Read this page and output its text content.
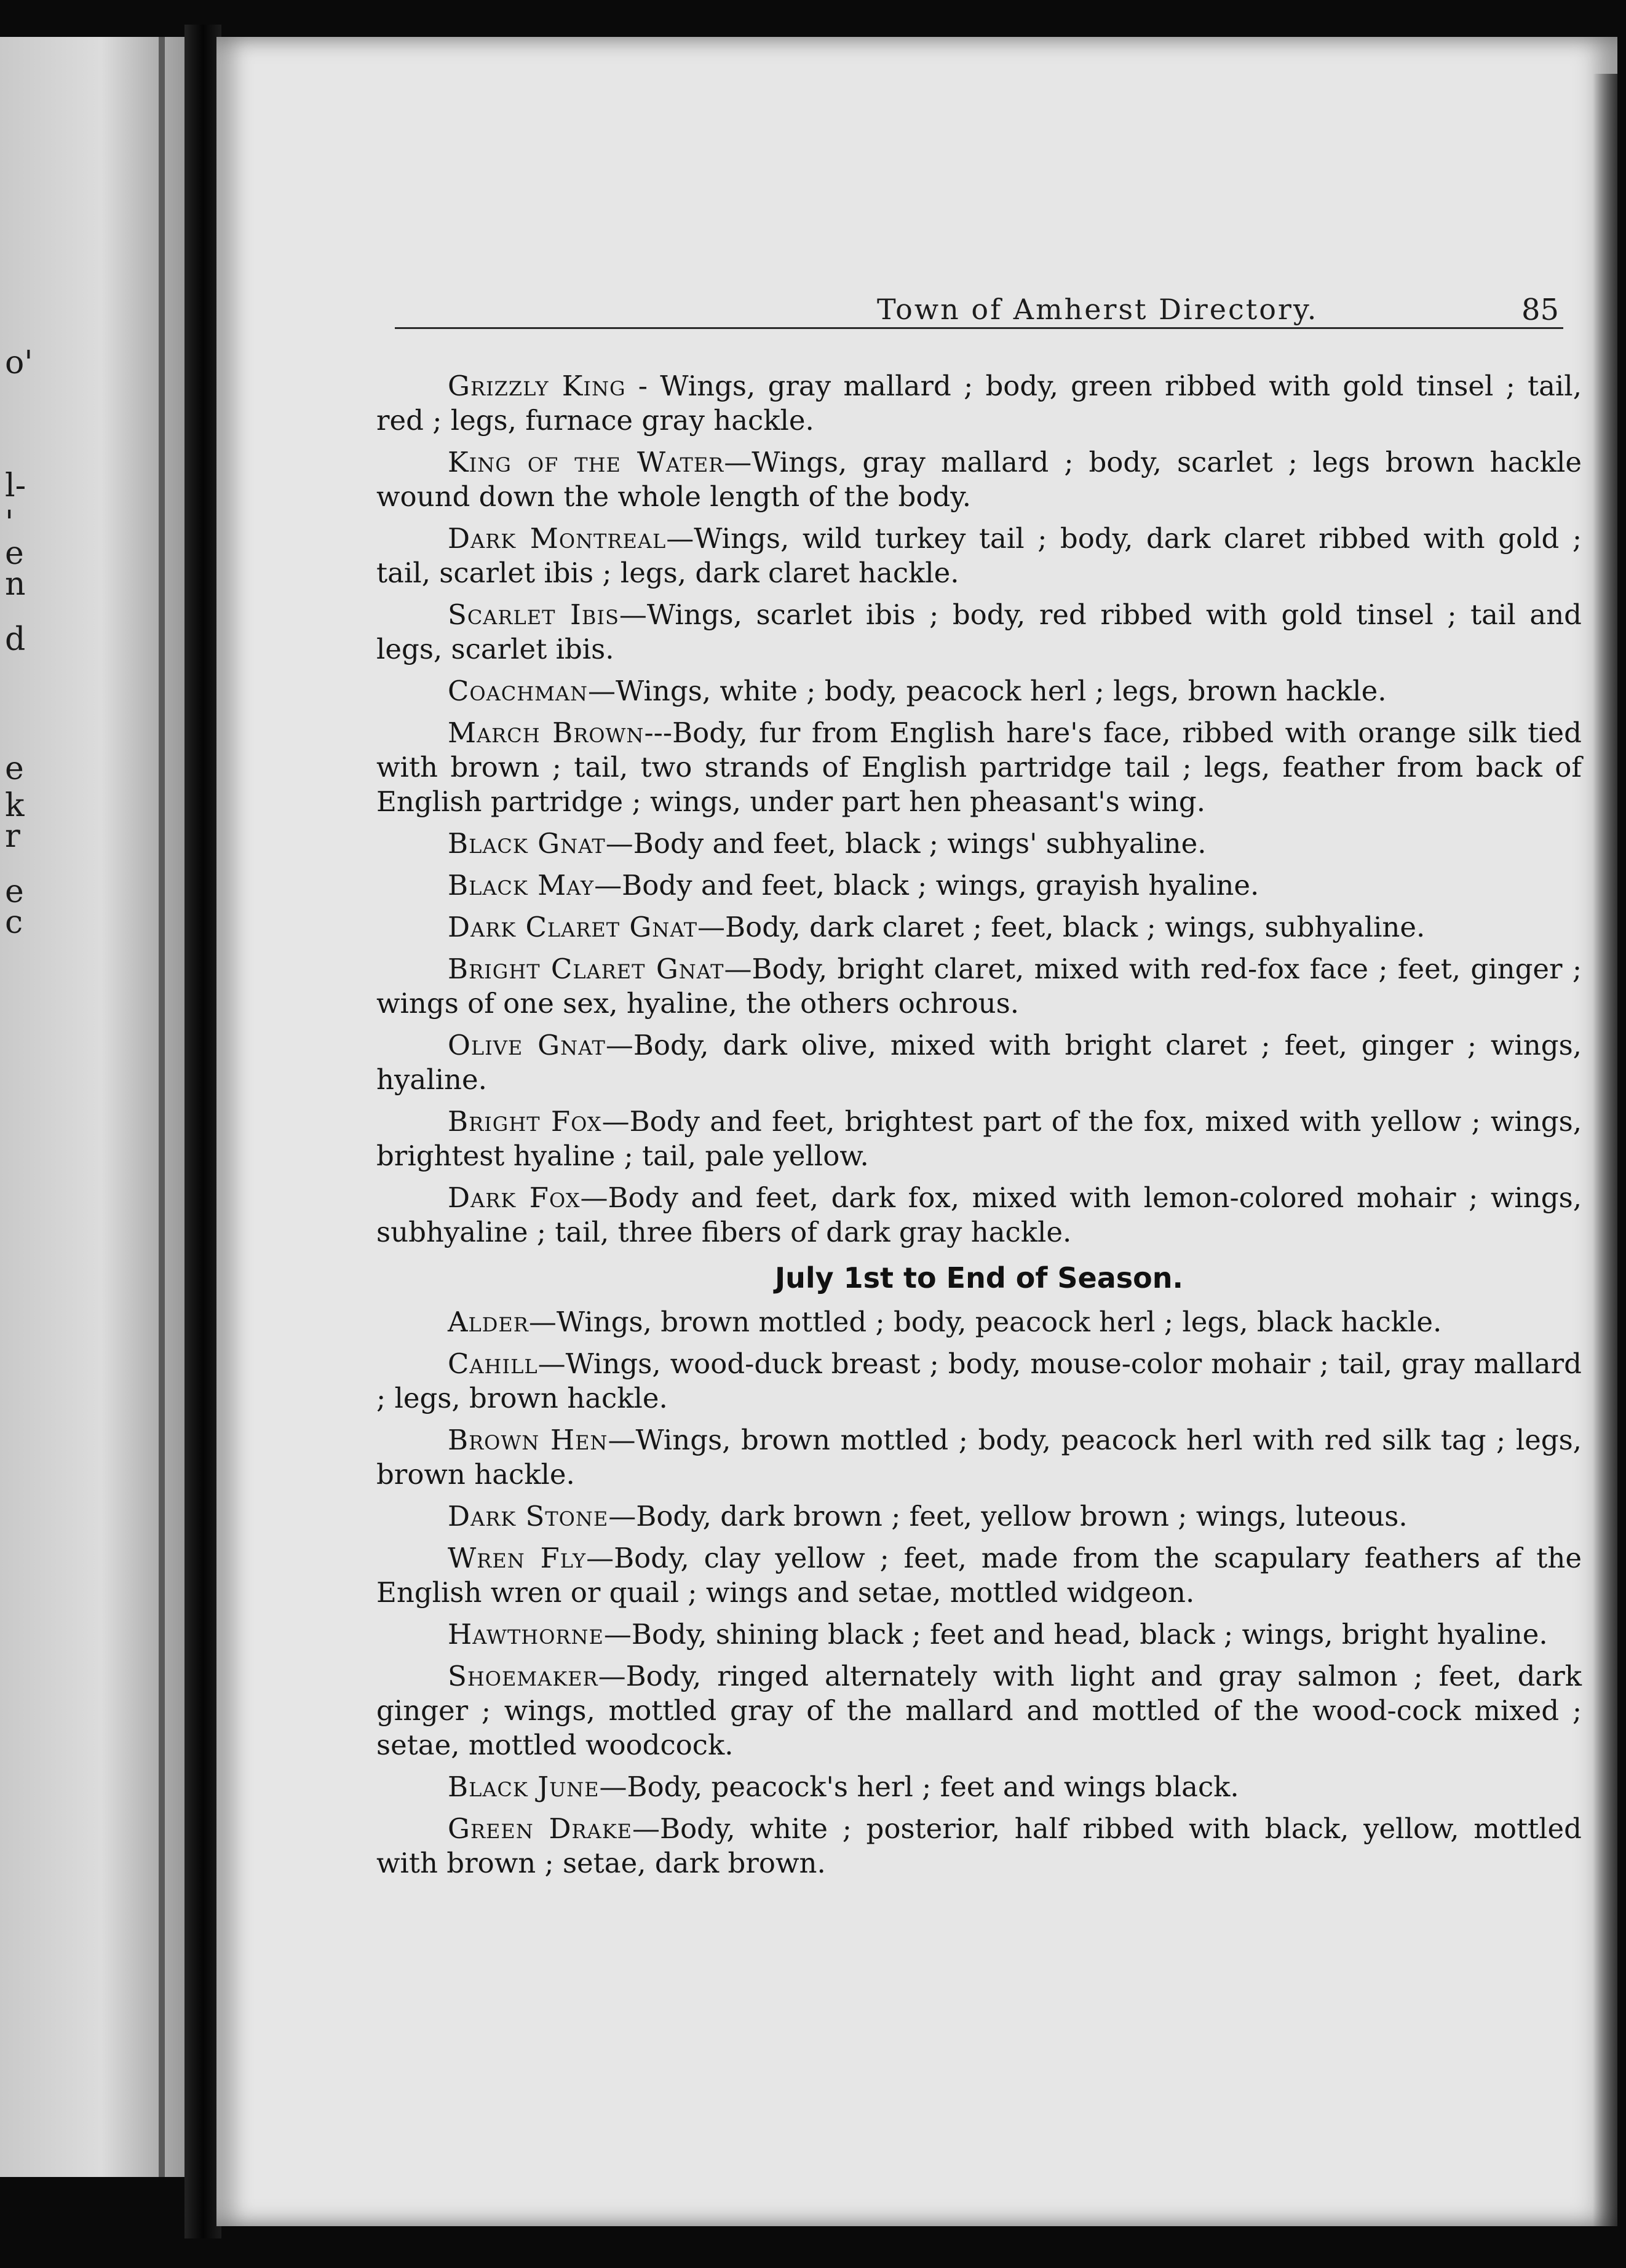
o'
l-
'
e
n
d
e
k
r
e
c
Town of Amherst Directory.	85

Grizzly King - Wings, gray mallard ; body, green ribbed with gold tinsel ; tail, red ; legs, furnace gray hackle.

King of the Water—Wings, gray mallard ; body, scarlet ; legs brown hackle wound down the whole length of the body.

Dark Montreal—Wings, wild turkey tail ; body, dark claret ribbed with gold ; tail, scarlet ibis ; legs, dark claret hackle.

Scarlet Ibis—Wings, scarlet ibis ; body, red ribbed with gold tinsel ; tail and legs, scarlet ibis.

Coachman—Wings, white ; body, peacock herl ; legs, brown hackle.

March Brown---Body, fur from English hare's face, ribbed with orange silk tied with brown ; tail, two strands of English partridge tail ; legs, feather from back of English partridge ; wings, under part hen pheasant's wing.

Black Gnat—Body and feet, black ; wings' subhyaline.

Black May—Body and feet, black ; wings, grayish hyaline.

Dark Claret Gnat—Body, dark claret ; feet, black ; wings, subhyaline.

Bright Claret Gnat—Body, bright claret, mixed with red-fox face ; feet, ginger ; wings of one sex, hyaline, the others ochrous.

Olive Gnat—Body, dark olive, mixed with bright claret ; feet, ginger ; wings, hyaline.

Bright Fox—Body and feet, brightest part of the fox, mixed with yellow ; wings, brightest hyaline ; tail, pale yellow.

Dark Fox—Body and feet, dark fox, mixed with lemon-colored mohair ; wings, subhyaline ; tail, three fibers of dark gray hackle.

July 1st to End of Season.

Alder—Wings, brown mottled ; body, peacock herl ; legs, black hackle.

Cahill—Wings, wood-duck breast ; body, mouse-color mohair ; tail, gray mallard ; legs, brown hackle.

Brown Hen—Wings, brown mottled ; body, peacock herl with red silk tag ; legs, brown hackle.

Dark Stone—Body, dark brown ; feet, yellow brown ; wings, luteous.

Wren Fly—Body, clay yellow ; feet, made from the scapulary feathers af the English wren or quail ; wings and setae, mottled widgeon.

Hawthorne—Body, shining black ; feet and head, black ; wings, bright hyaline.

Shoemaker—Body, ringed alternately with light and gray salmon ; feet, dark ginger ; wings, mottled gray of the mallard and mottled of the wood-cock mixed ; setae, mottled woodcock.

Black June—Body, peacock's herl ; feet and wings black.

Green Drake—Body, white ; posterior, half ribbed with black, yellow, mottled with brown ; setae, dark brown.
